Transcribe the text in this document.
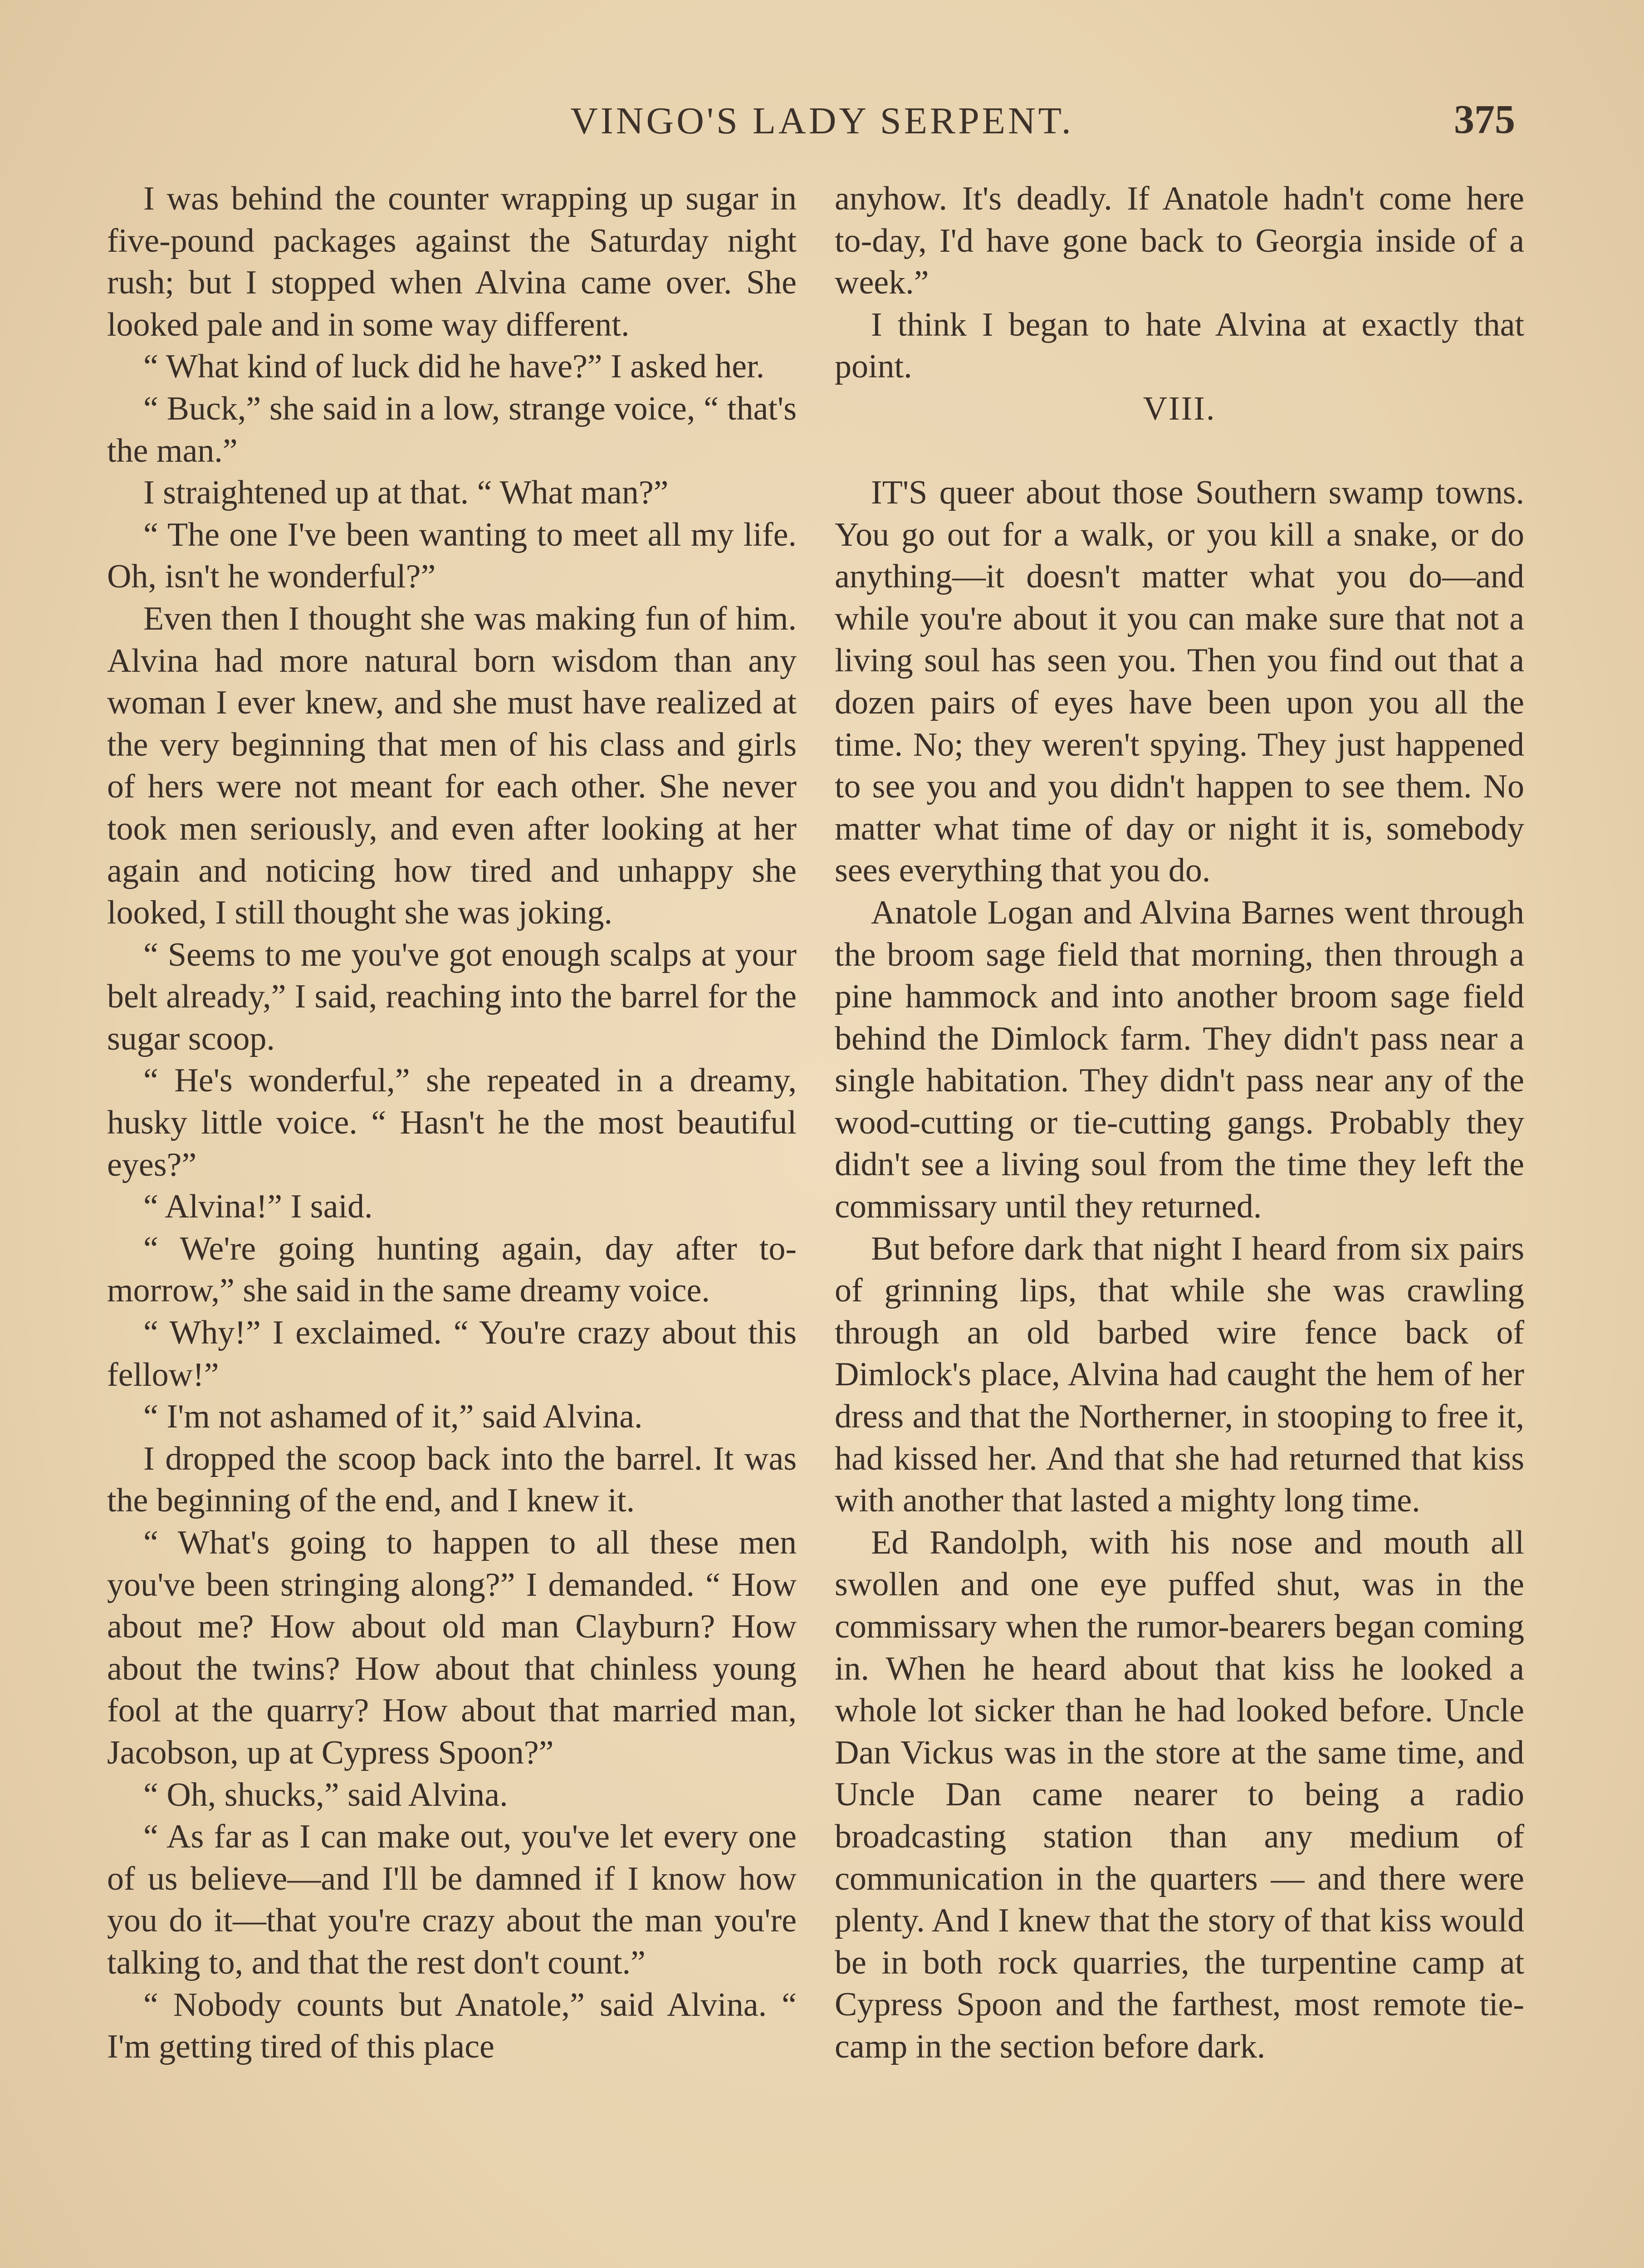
VINGO'S LADY SERPENT.	375

I was behind the counter wrapping up sugar in five-pound packages against the Saturday night rush; but I stopped when Alvina came over. She looked pale and in some way different.

“ What kind of luck did he have?” I asked her.

“ Buck,” she said in a low, strange voice, “ that's the man.”

I straightened up at that. “ What man?”

“ The one I've been wanting to meet all my life. Oh, isn't he wonderful?”

Even then I thought she was making fun of him. Alvina had more natural born wisdom than any woman I ever knew, and she must have realized at the very beginning that men of his class and girls of hers were not meant for each other. She never took men seriously, and even after looking at her again and noticing how tired and unhappy she looked, I still thought she was joking.

“ Seems to me you've got enough scalps at your belt already,” I said, reaching into the barrel for the sugar scoop.

“ He's wonderful,” she repeated in a dreamy, husky little voice. “ Hasn't he the most beautiful eyes?”

“ Alvina!” I said.

“ We're going hunting again, day after to-morrow,” she said in the same dreamy voice.

“ Why!” I exclaimed. “ You're crazy about this fellow!”

“ I'm not ashamed of it,” said Alvina.

I dropped the scoop back into the barrel. It was the beginning of the end, and I knew it.

“ What's going to happen to all these men you've been stringing along?” I demanded. “ How about me? How about old man Clayburn? How about the twins? How about that chinless young fool at the quarry? How about that married man, Jacobson, up at Cypress Spoon?”

“ Oh, shucks,” said Alvina.

“ As far as I can make out, you've let every one of us believe—and I'll be damned if I know how you do it—that you're crazy about the man you're talking to, and that the rest don't count.”

“ Nobody counts but Anatole,” said Alvina. “ I'm getting tired of this place

anyhow. It's deadly. If Anatole hadn't come here to-day, I'd have gone back to Georgia inside of a week.”

I think I began to hate Alvina at exactly that point.

VIII.

IT'S queer about those Southern swamp towns. You go out for a walk, or you kill a snake, or do anything—it doesn't matter what you do—and while you're about it you can make sure that not a living soul has seen you. Then you find out that a dozen pairs of eyes have been upon you all the time. No; they weren't spying. They just happened to see you and you didn't happen to see them. No matter what time of day or night it is, somebody sees everything that you do.

Anatole Logan and Alvina Barnes went through the broom sage field that morning, then through a pine hammock and into another broom sage field behind the Dimlock farm. They didn't pass near a single habitation. They didn't pass near any of the wood-cutting or tie-cutting gangs. Probably they didn't see a living soul from the time they left the commissary until they returned.

But before dark that night I heard from six pairs of grinning lips, that while she was crawling through an old barbed wire fence back of Dimlock's place, Alvina had caught the hem of her dress and that the Northerner, in stooping to free it, had kissed her. And that she had returned that kiss with another that lasted a mighty long time.

Ed Randolph, with his nose and mouth all swollen and one eye puffed shut, was in the commissary when the rumor-bearers began coming in. When he heard about that kiss he looked a whole lot sicker than he had looked before. Uncle Dan Vickus was in the store at the same time, and Uncle Dan came nearer to being a radio broadcasting station than any medium of communication in the quarters — and there were plenty. And I knew that the story of that kiss would be in both rock quarries, the turpentine camp at Cypress Spoon and the farthest, most remote tie-camp in the section before dark.
